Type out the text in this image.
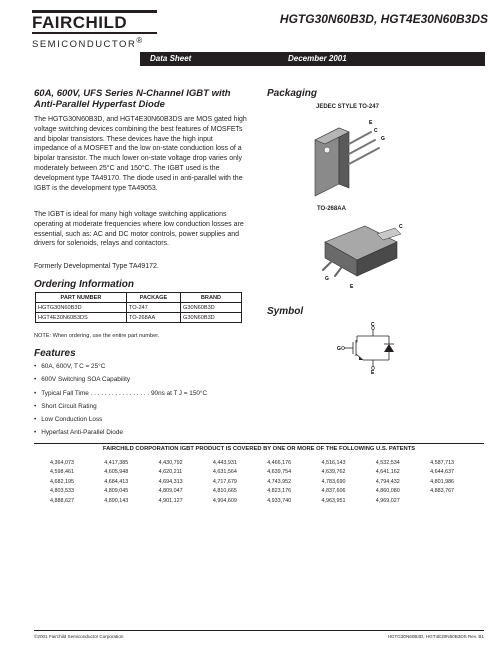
FAIRCHILD
SEMICONDUCTOR®
HGTG30N60B3D, HGT4E30N60B3DS
Data Sheet	December 2001
60A, 600V, UFS Series N-Channel IGBT with Anti-Parallel Hyperfast Diode
The HGTG30N60B3D, and HGT4E30N60B3DS are MOS gated high voltage switching devices combining the best features of MOSFETs and bipolar transistors. These devices have the high input impedance of a MOSFET and the low on-state conduction loss of a bipolar transistor. The much lower on-state voltage drop varies only moderately between 25°C and 150°C. The IGBT used is the development type TA49170. The diode used in anti-parallel with the IGBT is the development type TA49053.
The IGBT is ideal for many high voltage switching applications operating at moderate frequencies where low conduction losses are essential, such as: AC and DC motor controls, power supplies and drivers for solenoids, relays and contactors.
Formerly Developmental Type TA49172.
Ordering Information
PART NUMBER	PACKAGE	BRAND
HGTG30N60B3D	TO-247	G30N60B3D
HGT4E30N60B3DS	TO-268AA	G30N60B3D
NOTE: When ordering, use the entire part number.
Features
• 60A, 600V, T C = 25°C
• 600V Switching SOA Capability
• Typical Fall Time . . . . . . . . . . . . . . . . . 90ns at T J = 150°C
• Short Circuit Rating
• Low Conduction Loss
• Hyperfast Anti-Parallel Diode
Packaging
JEDEC STYLE TO-247
E
C
G
TO-268AA
C
G
E
Symbol
C
G
E
FAIRCHILD CORPORATION IGBT PRODUCT IS COVERED BY ONE OR MORE OF THE FOLLOWING U.S. PATENTS
4,364,073	4,417,385	4,430,792	4,443,931	4,466,176	4,516,143	4,532,534	4,587,713
4,598,461	4,605,948	4,620,211	4,631,564	4,639,754	4,639,762	4,641,162	4,644,637
4,682,195	4,684,413	4,694,313	4,717,679	4,743,952	4,783,690	4,794,432	4,801,986
4,803,533	4,809,045	4,809,047	4,810,665	4,823,176	4,837,606	4,860,080	4,883,767
4,888,627	4,890,143	4,901,127	4,904,609	4,933,740	4,963,951	4,969,027
©2001 Fairchild Semiconductor Corporation	HGTG30N60B3D, HGT4E30N60B3DS Rev. B1
